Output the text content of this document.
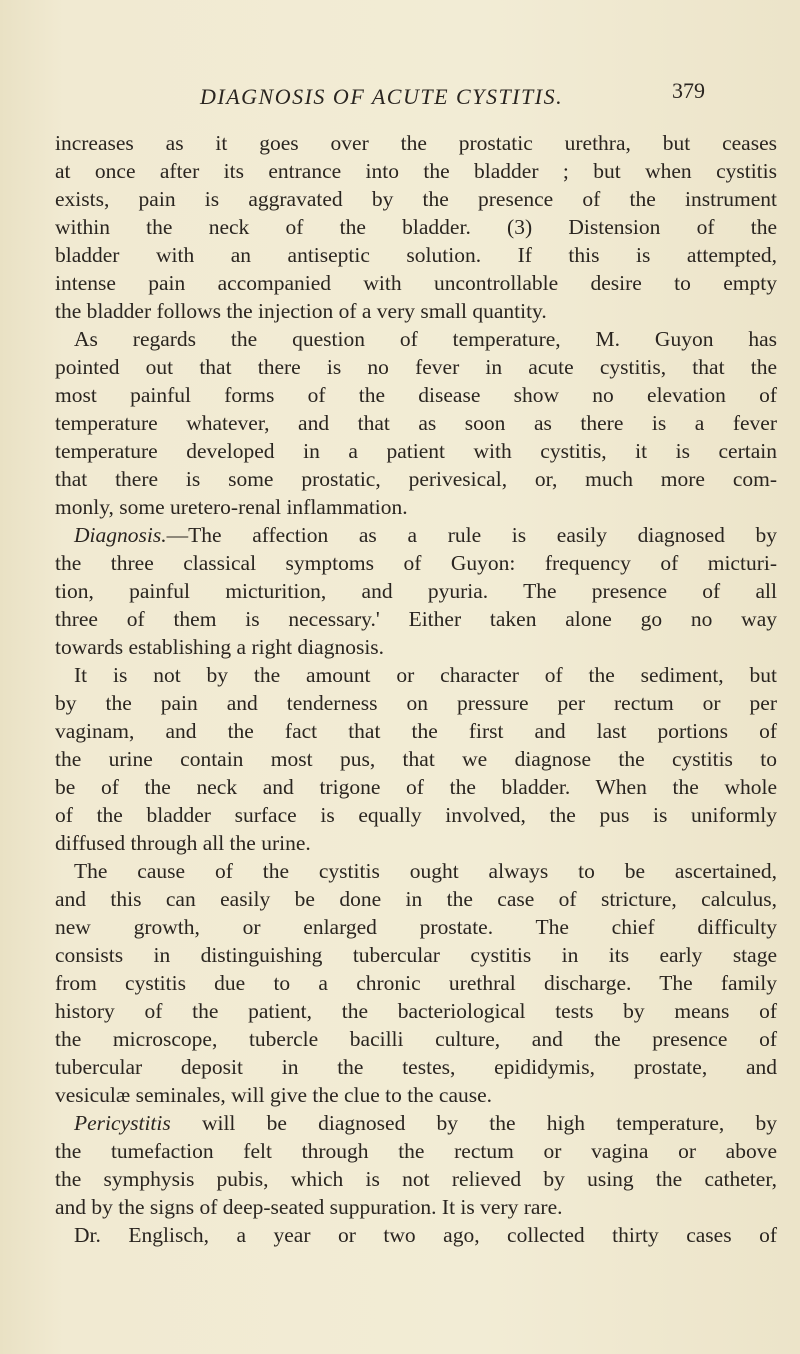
DIAGNOSIS OF ACUTE CYSTITIS.	379
increases as it goes over the prostatic urethra, but ceases
at once after its entrance into the bladder ; but when cystitis
exists, pain is aggravated by the presence of the instrument
within the neck of the bladder. (3) Distension of the
bladder with an antiseptic solution. If this is attempted,
intense pain accompanied with uncontrollable desire to empty
the bladder follows the injection of a very small quantity.
As regards the question of temperature, M. Guyon has
pointed out that there is no fever in acute cystitis, that the
most painful forms of the disease show no elevation of
temperature whatever, and that as soon as there is a fever
temperature developed in a patient with cystitis, it is certain
that there is some prostatic, perivesical, or, much more com-
monly, some uretero-renal inflammation.
Diagnosis.—The affection as a rule is easily diagnosed by
the three classical symptoms of Guyon: frequency of micturi-
tion, painful micturition, and pyuria. The presence of all
three of them is necessary.' Either taken alone go no way
towards establishing a right diagnosis.
It is not by the amount or character of the sediment, but
by the pain and tenderness on pressure per rectum or per
vaginam, and the fact that the first and last portions of
the urine contain most pus, that we diagnose the cystitis to
be of the neck and trigone of the bladder. When the whole
of the bladder surface is equally involved, the pus is uniformly
diffused through all the urine.
The cause of the cystitis ought always to be ascertained,
and this can easily be done in the case of stricture, calculus,
new growth, or enlarged prostate. The chief difficulty
consists in distinguishing tubercular cystitis in its early stage
from cystitis due to a chronic urethral discharge. The family
history of the patient, the bacteriological tests by means of
the microscope, tubercle bacilli culture, and the presence of
tubercular deposit in the testes, epididymis, prostate, and
vesiculæ seminales, will give the clue to the cause.
Pericystitis will be diagnosed by the high temperature, by
the tumefaction felt through the rectum or vagina or above
the symphysis pubis, which is not relieved by using the catheter,
and by the signs of deep-seated suppuration. It is very rare.
Dr. Englisch, a year or two ago, collected thirty cases of
